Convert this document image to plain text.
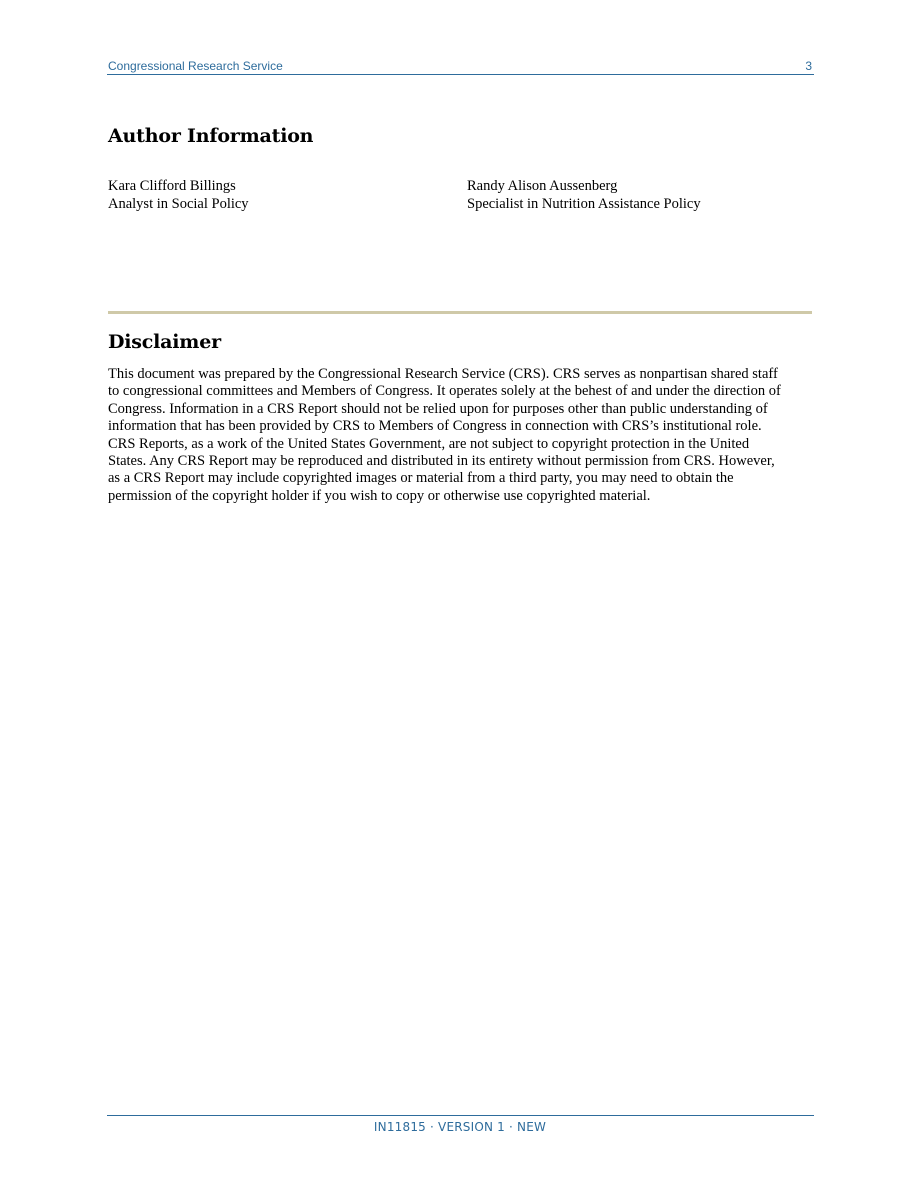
Congressional Research Service	3
Author Information
Kara Clifford Billings
Analyst in Social Policy
Randy Alison Aussenberg
Specialist in Nutrition Assistance Policy
Disclaimer

This document was prepared by the Congressional Research Service (CRS). CRS serves as nonpartisan shared staff
to congressional committees and Members of Congress. It operates solely at the behest of and under the direction of
Congress. Information in a CRS Report should not be relied upon for purposes other than public understanding of
information that has been provided by CRS to Members of Congress in connection with CRS’s institutional role.
CRS Reports, as a work of the United States Government, are not subject to copyright protection in the United
States. Any CRS Report may be reproduced and distributed in its entirety without permission from CRS. However,
as a CRS Report may include copyrighted images or material from a third party, you may need to obtain the
permission of the copyright holder if you wish to copy or otherwise use copyrighted material.

IN11815 · VERSION 1 · NEW
